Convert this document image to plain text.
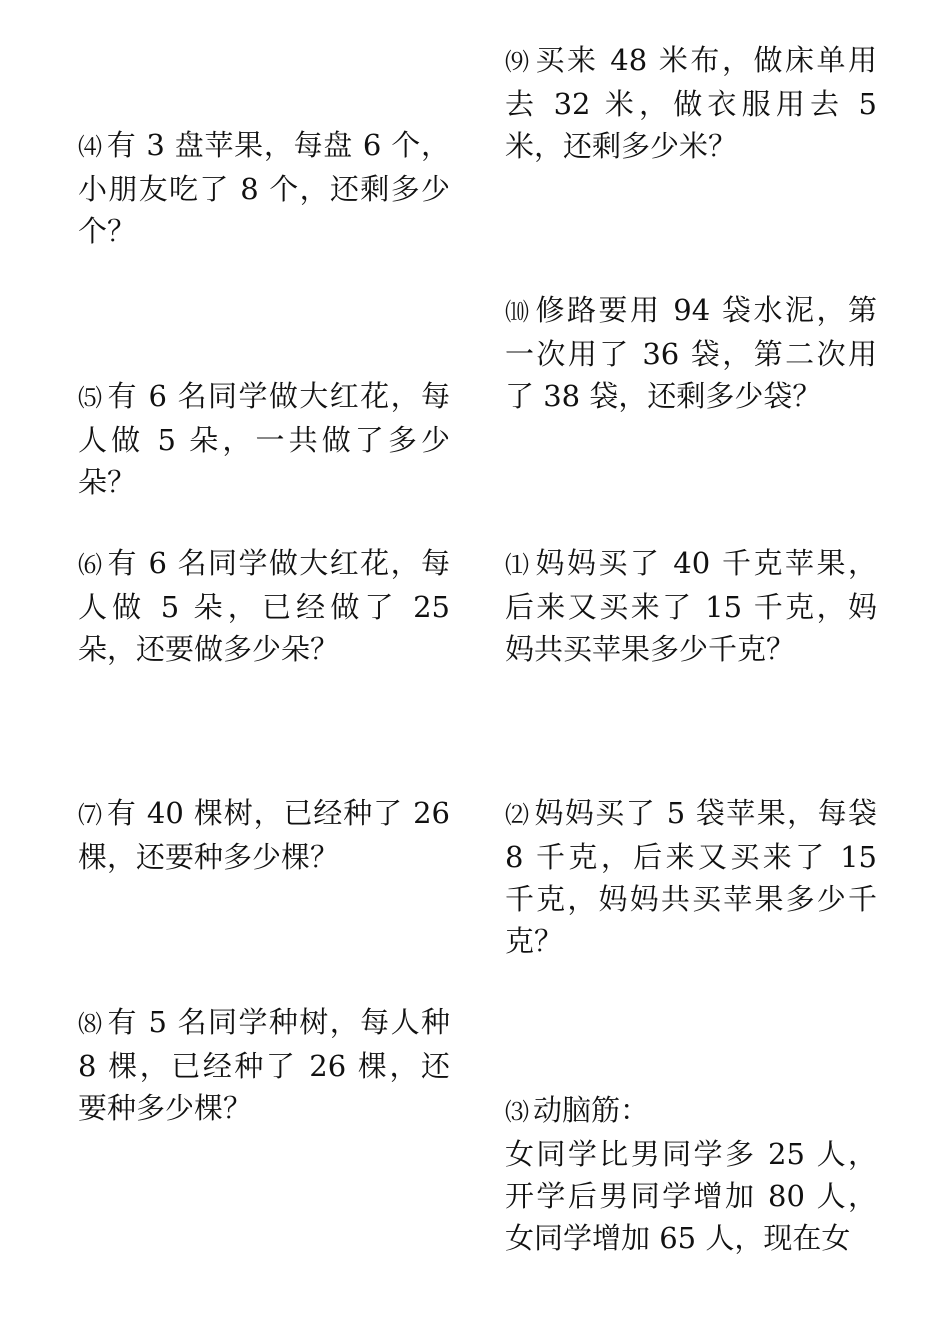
⑷ 有 3 盘苹果，每盘 6 个，小朋友吃了 8 个，还剩多少个？

⑸ 有 6 名同学做大红花，每人做 5 朵，一共做了多少朵？

⑹ 有 6 名同学做大红花，每人做 5 朵，已经做了 25 朵，还要做多少朵？

⑺ 有 40 棵树，已经种了 26 棵，还要种多少棵？

⑻ 有 5 名同学种树，每人种 8 棵，已经种了 26 棵，还要种多少棵？

⑼ 买来 48 米布，做床单用去 32 米，做衣服用去 5 米，还剩多少米？

⑽ 修路要用 94 袋水泥，第一次用了 36 袋，第二次用了 38 袋，还剩多少袋？

⑴ 妈妈买了 40 千克苹果，后来又买来了 15 千克，妈妈共买苹果多少千克？

⑵ 妈妈买了 5 袋苹果，每袋 8 千克，后来又买来了 15 千克，妈妈共买苹果多少千克？

⑶ 动脑筋：
女同学比男同学多 25 人，开学后男同学增加 80 人，女同学增加 65 人，现在女
